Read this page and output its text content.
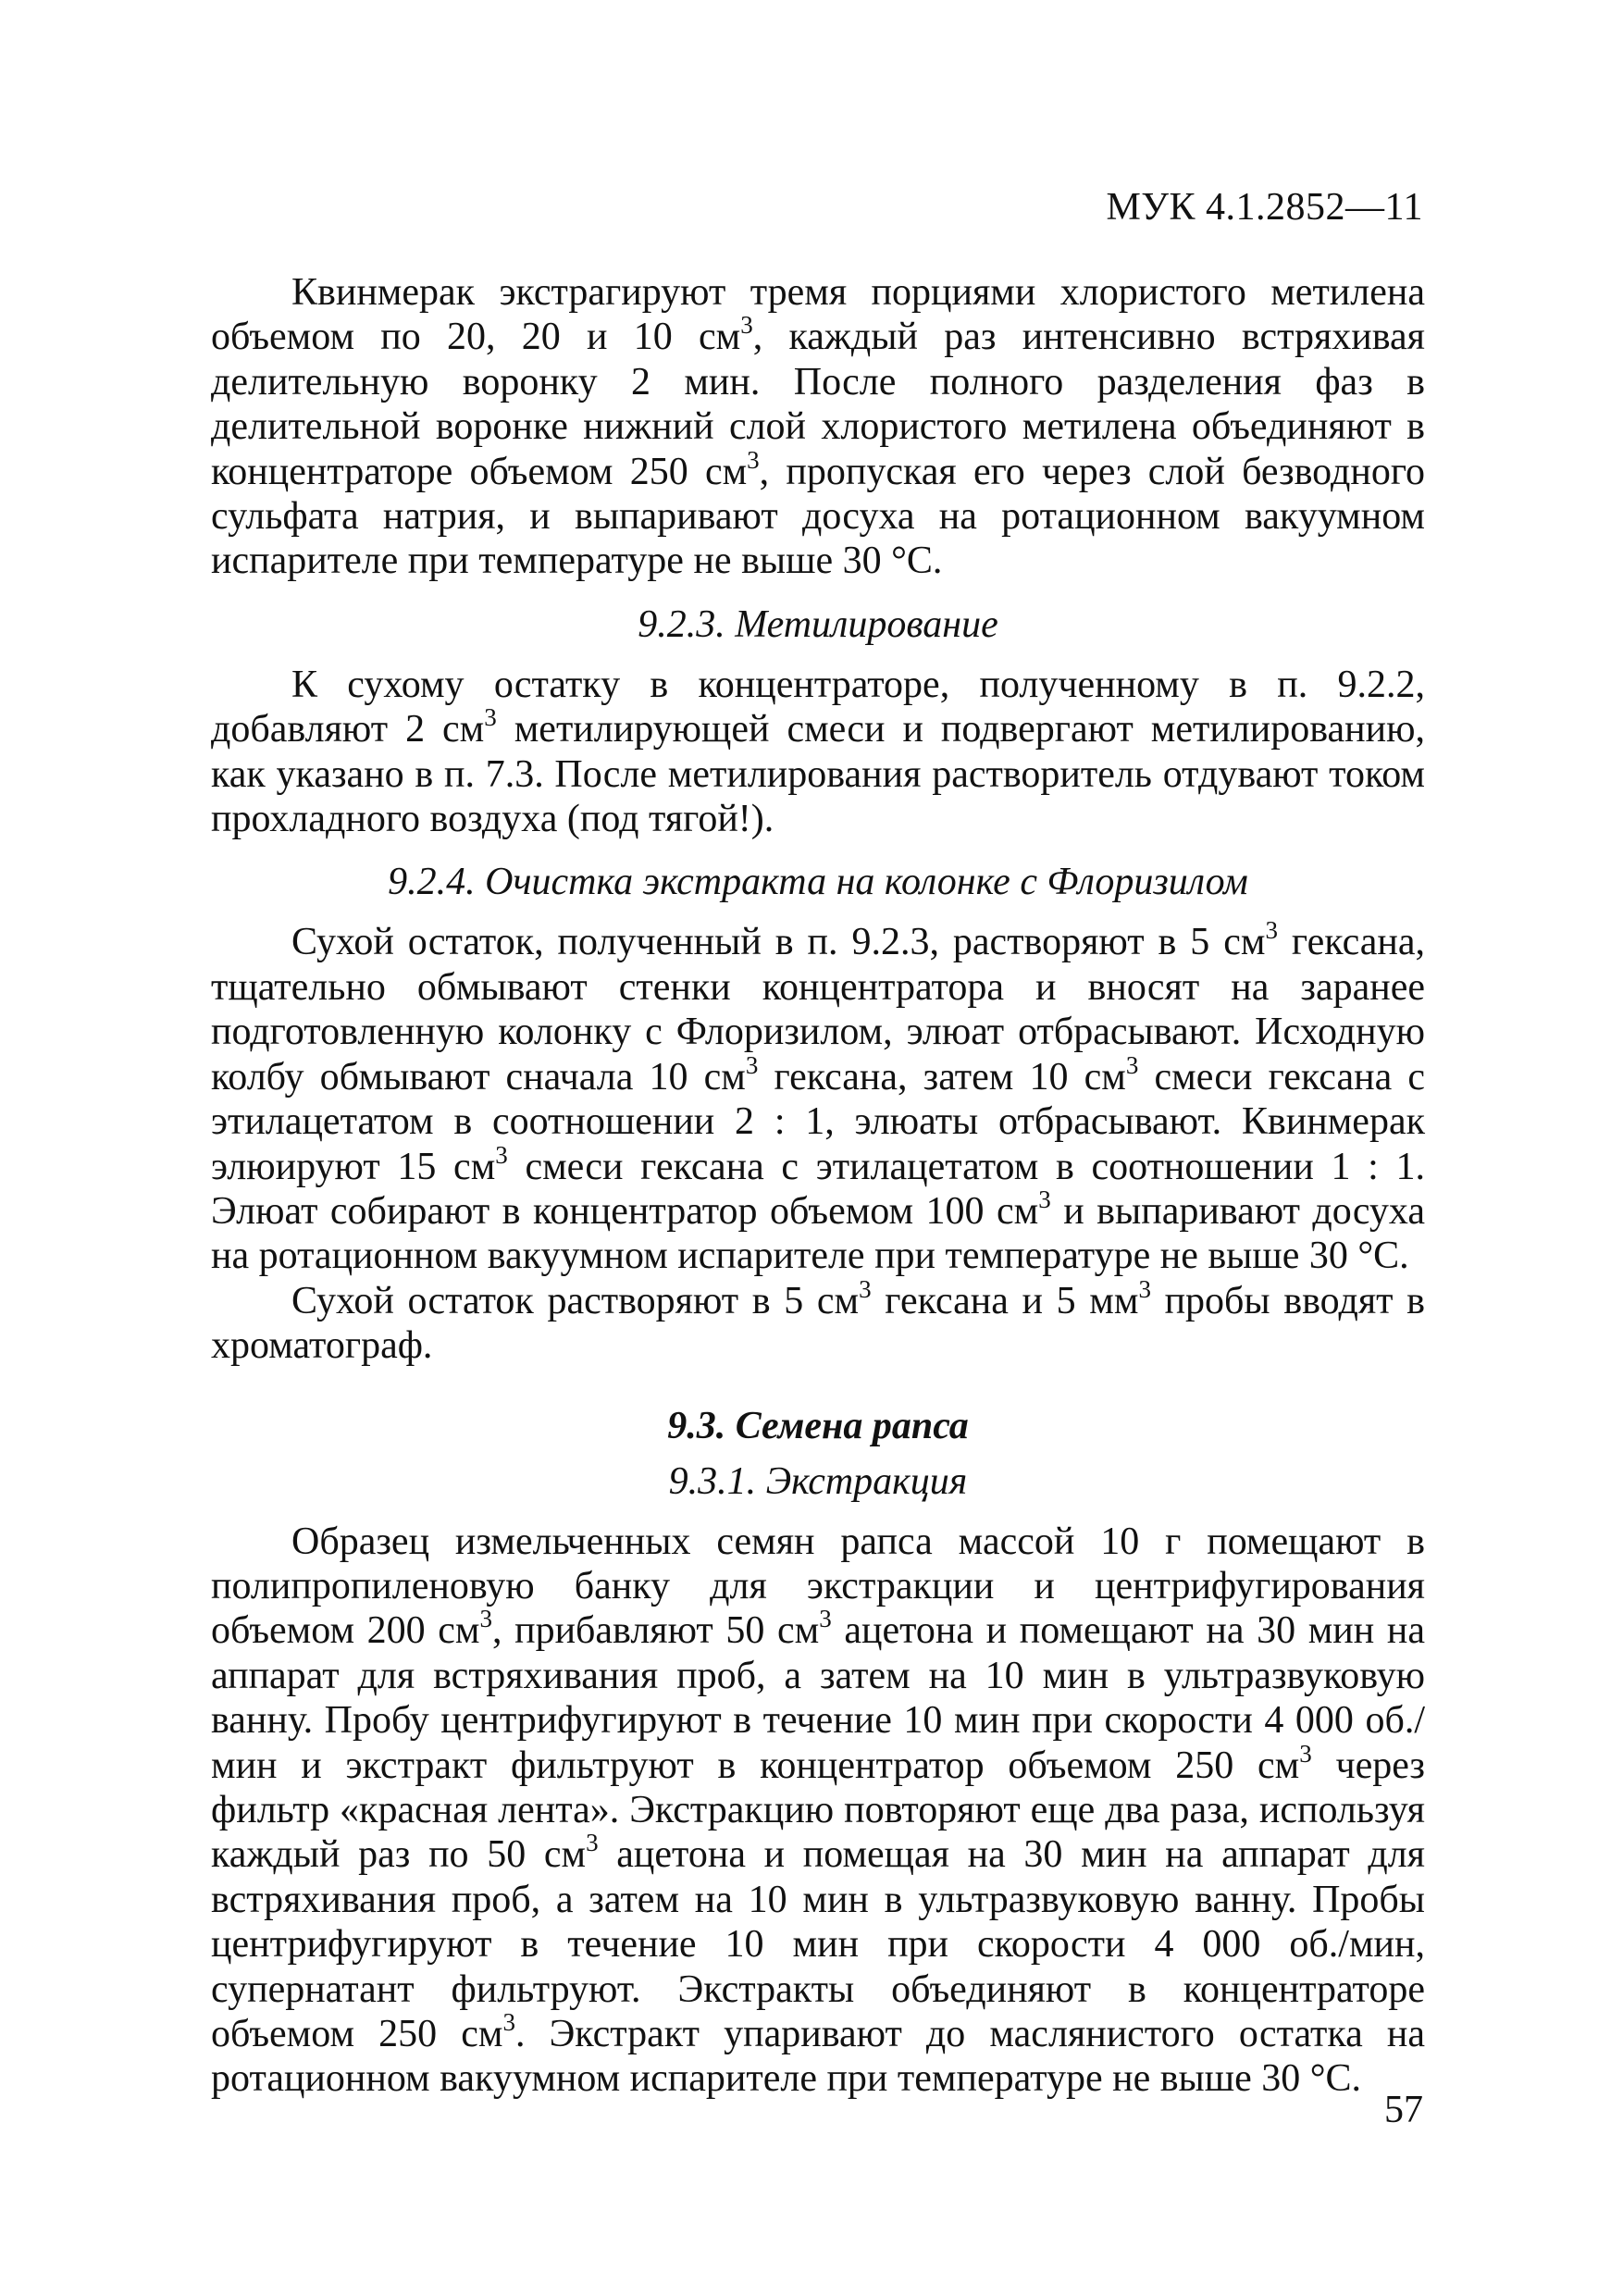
МУК 4.1.2852—11

Квинмерак экстрагируют тремя порциями хлористого метилена объемом по 20, 20 и 10 $см^3$, каждый раз интенсивно встряхивая делительную воронку 2 мин. После полного разделения фаз в делительной воронке нижний слой хлористого метилена объединяют в концентраторе объемом 250 $см^3$, пропуская его через слой безводного сульфата натрия, и выпаривают досуха на ротационном вакуумном испарителе при температуре не выше 30 °С.

9.2.3. Метилирование

К сухому остатку в концентраторе, полученному в п. 9.2.2, добавляют 2 $см^3$ метилирующей смеси и подвергают метилированию, как указано в п. 7.3. После метилирования растворитель отдувают током прохладного воздуха (под тягой!).

9.2.4. Очистка экстракта на колонке с Флоризилом

Сухой остаток, полученный в п. 9.2.3, растворяют в 5 $см^3$ гексана, тщательно обмывают стенки концентратора и вносят на заранее подготовленную колонку с Флоризилом, элюат отбрасывают. Исходную колбу обмывают сначала 10 $см^3$ гексана, затем 10 $см^3$ смеси гексана с этилацетатом в соотношении 2 : 1, элюаты отбрасывают. Квинмерак элюируют 15 $см^3$ смеси гексана с этилацетатом в соотношении 1 : 1. Элюат собирают в концентратор объемом 100 $см^3$ и выпаривают досуха на ротационном вакуумном испарителе при температуре не выше 30 °С.

Сухой остаток растворяют в 5 $см^3$ гексана и 5 $мм^3$ пробы вводят в хроматограф.

9.3. Семена рапса
9.3.1. Экстракция

Образец измельченных семян рапса массой 10 г помещают в полипропиленовую банку для экстракции и центрифугирования объемом 200 $см^3$, прибавляют 50 $см^3$ ацетона и помещают на 30 мин на аппарат для встряхивания проб, а затем на 10 мин в ультразвуковую ванну. Пробу центрифугируют в течение 10 мин при скорости 4 000 об./мин и экстракт фильтруют в концентратор объемом 250 $см^3$ через фильтр «красная лента». Экстракцию повторяют еще два раза, используя каждый раз по 50 $см^3$ ацетона и помещая на 30 мин на аппарат для встряхивания проб, а затем на 10 мин в ультразвуковую ванну. Пробы центрифугируют в течение 10 мин при скорости 4 000 об./мин, супернатант фильтруют. Экстракты объединяют в концентраторе объемом 250 $см^3$. Экстракт упаривают до маслянистого остатка на ротационном вакуумном испарителе при температуре не выше 30 °С.

57
